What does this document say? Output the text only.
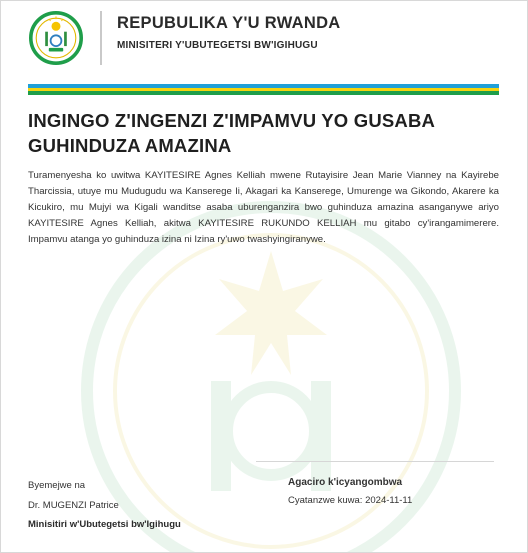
REPUBULIKA Y'U RWANDA
MINISITERI Y'UBUTEGETSI BW'IGIHUGU
INGINGO Z'INGENZI Z'IMPAMVU YO GUSABA GUHINDUZA AMAZINA
Turamenyesha ko uwitwa KAYITESIRE Agnes Kelliah mwene Rutayisire Jean Marie Vianney na Kayirebe Tharcissia, utuye mu Mudugudu wa Kanserege Ii, Akagari ka Kanserege, Umurenge wa Gikondo, Akarere ka Kicukiro, mu Mujyi wa Kigali wanditse asaba uburenganzira bwo guhinduza amazina asanganywe ariyo KAYITESIRE Agnes Kelliah, akitwa KAYITESIRE RUKUNDO KELLIAH mu gitabo cy'irangamimerere. Impamvu atanga yo guhinduza izina ni Izina ry'uwo twashyingiranywe.
Byemejwe na
Dr. MUGENZI Patrice
Minisitiri w'Ubutegetsi bw'Igihugu
Agaciro k'icyangombwa
Cyatanzwe kuwa: 2024-11-11
